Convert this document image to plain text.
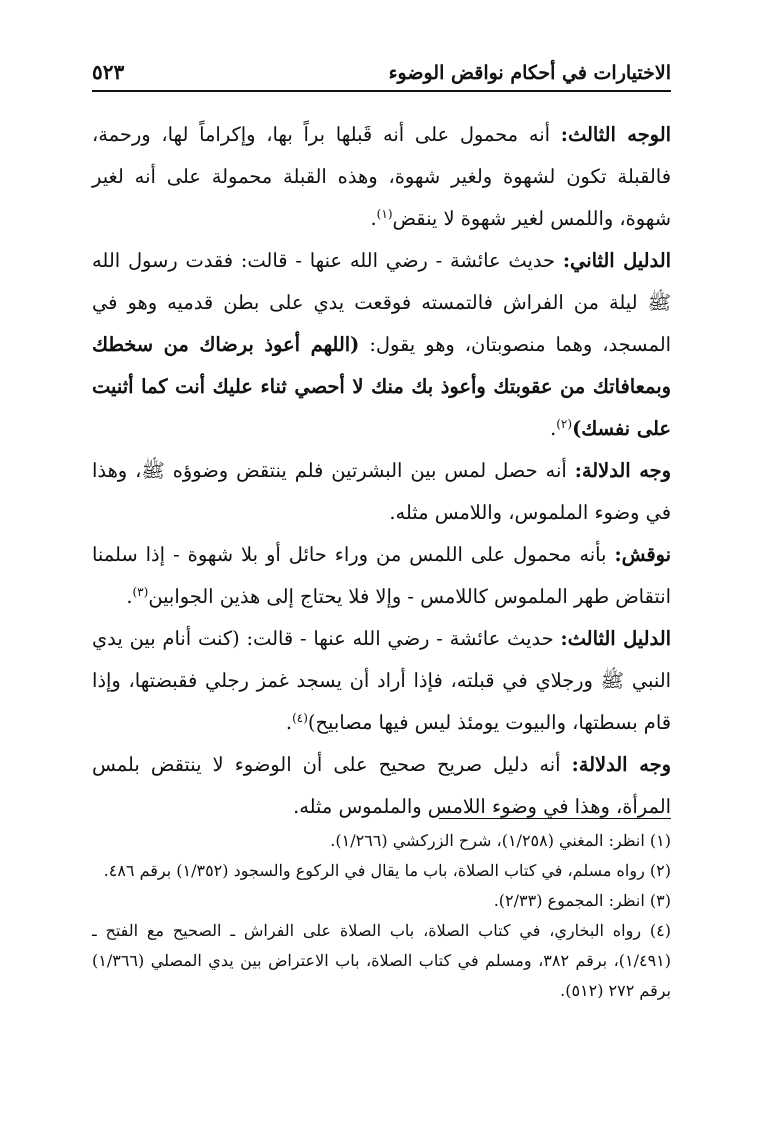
الاختيارات في أحكام نواقض الوضوء
٥٢٣

الوجه الثالث: أنه محمول على أنه قَبلها براً بها، وإكراماً لها، ورحمة، فالقبلة تكون لشهوة ولغير شهوة، وهذه القبلة محمولة على أنه لغير شهوة، واللمس لغير شهوة لا ينقض$^{(١)}$.

الدليل الثاني: حديث عائشة - رضي الله عنها - قالت: فقدت رسول الله ﷺ ليلة من الفراش فالتمسته فوقعت يدي على بطن قدميه وهو في المسجد، وهما منصوبتان، وهو يقول: (اللهم أعوذ برضاك من سخطك وبمعافاتك من عقوبتك وأعوذ بك منك لا أحصي ثناء عليك أنت كما أثنيت على نفسك)$^{(٢)}$.

وجه الدلالة: أنه حصل لمس بين البشرتين فلم ينتقض وضوؤه ﷺ، وهذا في وضوء الملموس، واللامس مثله.

نوقش: بأنه محمول على اللمس من وراء حائل أو بلا شهوة - إذا سلمنا انتقاض طهر الملموس كاللامس - وإلا فلا يحتاج إلى هذين الجوابين$^{(٣)}$.

الدليل الثالث: حديث عائشة - رضي الله عنها - قالت: (كنت أنام بين يدي النبي ﷺ ورجلاي في قبلته، فإذا أراد أن يسجد غمز رجلي فقبضتها، وإذا قام بسطتها، والبيوت يومئذ ليس فيها مصابيح)$^{(٤)}$.

وجه الدلالة: أنه دليل صريح صحيح على أن الوضوء لا ينتقض بلمس المرأة، وهذا في وضوء اللامس والملموس مثله.

(١) انظر: المغني (١/٢٥٨)، شرح الزركشي (١/٢٦٦).

(٢) رواه مسلم، في كتاب الصلاة، باب ما يقال في الركوع والسجود (١/٣٥٢) برقم ٤٨٦.

(٣) انظر: المجموع (٢/٣٣).

(٤) رواه البخاري، في كتاب الصلاة، باب الصلاة على الفراش ـ الصحيح مع الفتح ـ (١/٤٩١)، برقم ٣٨٢، ومسلم في كتاب الصلاة، باب الاعتراض بين يدي المصلي (١/٣٦٦) برقم ٢٧٢ (٥١٢).
